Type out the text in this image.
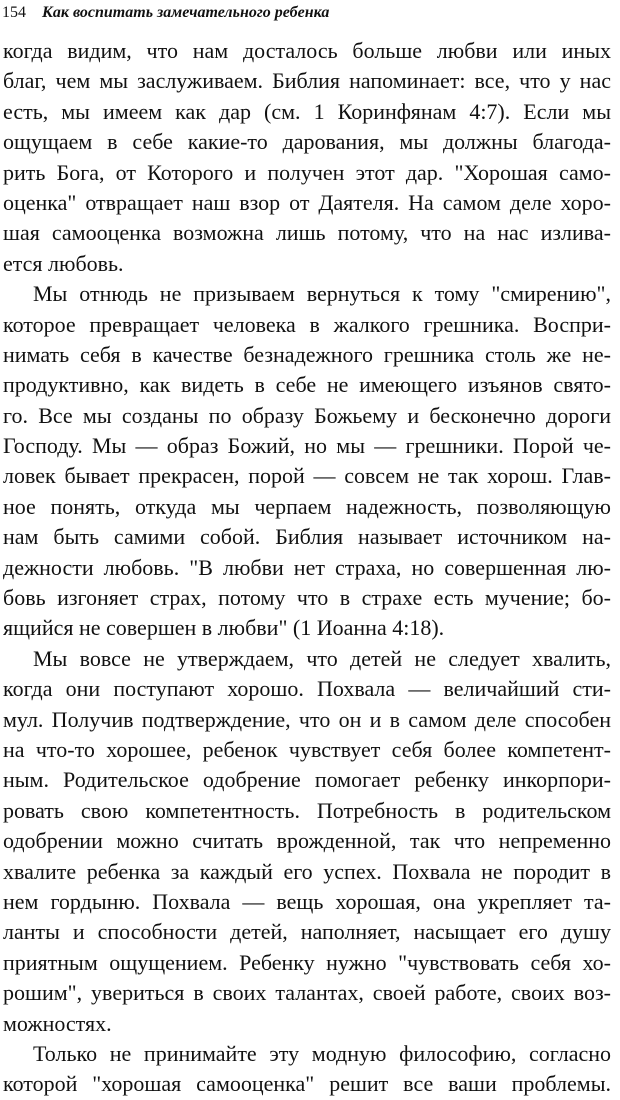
154 Как воспитать замечательного ребенка
когда видим, что нам досталось больше любви или иных
благ, чем мы заслуживаем. Библия напоминает: все, что у нас
есть, мы имеем как дар (см. 1 Коринфянам 4:7). Если мы
ощущаем в себе какие-то дарования, мы должны благода-
рить Бога, от Которого и получен этот дар. "Хорошая само-
оценка" отвращает наш взор от Даятеля. На самом деле хоро-
шая самооценка возможна лишь потому, что на нас излива-
ется любовь.
Мы отнюдь не призываем вернуться к тому "смирению",
которое превращает человека в жалкого грешника. Воспри-
нимать себя в качестве безнадежного грешника столь же не-
продуктивно, как видеть в себе не имеющего изъянов свято-
го. Все мы созданы по образу Божьему и бесконечно дороги
Господу. Мы — образ Божий, но мы — грешники. Порой че-
ловек бывает прекрасен, порой — совсем не так хорош. Глав-
ное понять, откуда мы черпаем надежность, позволяющую
нам быть самими собой. Библия называет источником на-
дежности любовь. "В любви нет страха, но совершенная лю-
бовь изгоняет страх, потому что в страхе есть мучение; бо-
ящийся не совершен в любви" (1 Иоанна 4:18).
Мы вовсе не утверждаем, что детей не следует хвалить,
когда они поступают хорошо. Похвала — величайший сти-
мул. Получив подтверждение, что он и в самом деле способен
на что-то хорошее, ребенок чувствует себя более компетент-
ным. Родительское одобрение помогает ребенку инкорпори-
ровать свою компетентность. Потребность в родительском
одобрении можно считать врожденной, так что непременно
хвалите ребенка за каждый его успех. Похвала не породит в
нем гордыню. Похвала — вещь хорошая, она укрепляет та-
ланты и способности детей, наполняет, насыщает его душу
приятным ощущением. Ребенку нужно "чувствовать себя хо-
рошим", увериться в своих талантах, своей работе, своих воз-
можностях.
Только не принимайте эту модную философию, согласно
которой "хорошая самооценка" решит все ваши проблемы.
